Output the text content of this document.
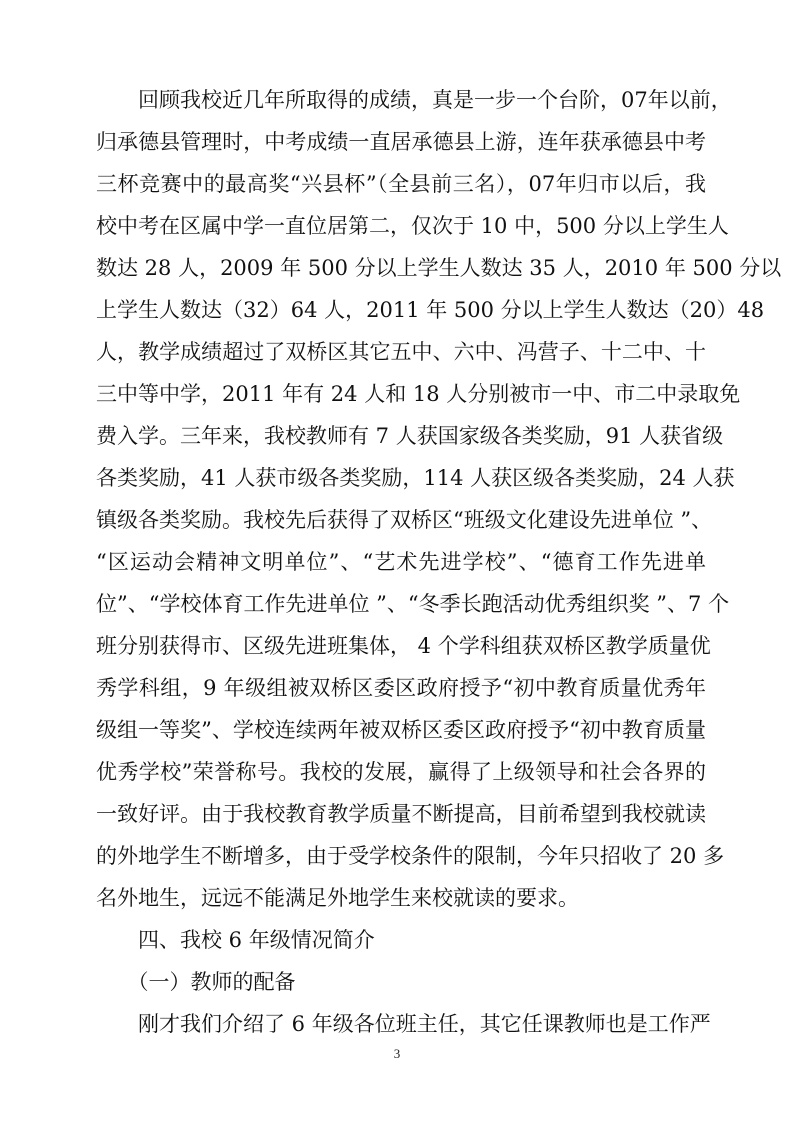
　　回顾我校近几年所取得的成绩，真是一步一个台阶，07年以前，
归承德县管理时，中考成绩一直居承德县上游，连年获承德县中考
三杯竞赛中的最高奖“兴县杯”（全县前三名），07年归市以后，我
校中考在区属中学一直位居第二，仅次于 10 中，500 分以上学生人
数达 28 人，2009 年 500 分以上学生人数达 35 人，2010 年 500 分以
上学生人数达（32）64 人，2011 年 500 分以上学生人数达（20）48
人，教学成绩超过了双桥区其它五中、六中、冯营子、十二中、十
三中等中学，2011 年有 24 人和 18 人分别被市一中、市二中录取免
费入学。三年来，我校教师有 7 人获国家级各类奖励，91 人获省级
各类奖励，41 人获市级各类奖励，114 人获区级各类奖励，24 人获
镇级各类奖励。我校先后获得了双桥区“班级文化建设先进单位 ”、
“区运动会精神文明单位”、“艺术先进学校”、“德育工作先进单
位”、“学校体育工作先进单位 ”、“冬季长跑活动优秀组织奖 ”、7 个
班分别获得市、区级先进班集体， 4 个学科组获双桥区教学质量优
秀学科组，9 年级组被双桥区委区政府授予“初中教育质量优秀年
级组一等奖”、学校连续两年被双桥区委区政府授予“初中教育质量
优秀学校”荣誉称号。我校的发展，赢得了上级领导和社会各界的
一致好评。由于我校教育教学质量不断提高，目前希望到我校就读
的外地学生不断增多，由于受学校条件的限制，今年只招收了 20 多
名外地生，远远不能满足外地学生来校就读的要求。
　　四、我校 6 年级情况简介
　　（一）教师的配备
　　刚才我们介绍了 6 年级各位班主任，其它任课教师也是工作严
3
